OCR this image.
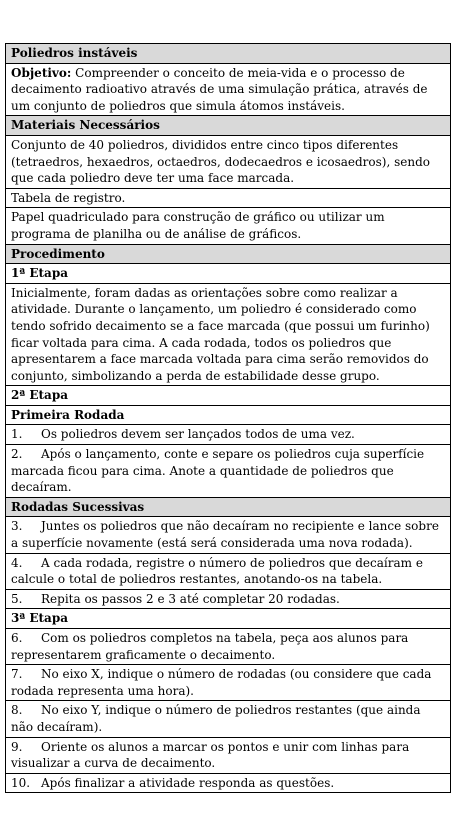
Poliedros instáveis
Objetivo: Compreender o conceito de meia-vida e o processo de decaimento radioativo através de uma simulação prática, através de um conjunto de poliedros que simula átomos instáveis.
Materiais Necessários
Conjunto de 40 poliedros, divididos entre cinco tipos diferentes (tetraedros, hexaedros, octaedros, dodecaedros e icosaedros), sendo que cada poliedro deve ter uma face marcada.
Tabela de registro.
Papel quadriculado para construção de gráfico ou utilizar um programa de planilha ou de análise de gráficos.
Procedimento
1ª Etapa
Inicialmente, foram dadas as orientações sobre como realizar a atividade. Durante o lançamento, um poliedro é considerado como tendo sofrido decaimento se a face marcada (que possui um furinho) ficar voltada para cima. A cada rodada, todos os poliedros que apresentarem a face marcada voltada para cima serão removidos do conjunto, simbolizando a perda de estabilidade desse grupo.
2ª Etapa
Primeira Rodada
1. Os poliedros devem ser lançados todos de uma vez.
2. Após o lançamento, conte e separe os poliedros cuja superfície marcada ficou para cima. Anote a quantidade de poliedros que decaíram.
Rodadas Sucessivas
3. Juntes os poliedros que não decaíram no recipiente e lance sobre a superfície novamente (está será considerada uma nova rodada).
4. A cada rodada, registre o número de poliedros que decaíram e calcule o total de poliedros restantes, anotando-os na tabela.
5. Repita os passos 2 e 3 até completar 20 rodadas.
3ª Etapa
6. Com os poliedros completos na tabela, peça aos alunos para representarem graficamente o decaimento.
7. No eixo X, indique o número de rodadas (ou considere que cada rodada representa uma hora).
8. No eixo Y, indique o número de poliedros restantes (que ainda não decaíram).
9. Oriente os alunos a marcar os pontos e unir com linhas para visualizar a curva de decaimento.
10. Após finalizar a atividade responda as questões.
